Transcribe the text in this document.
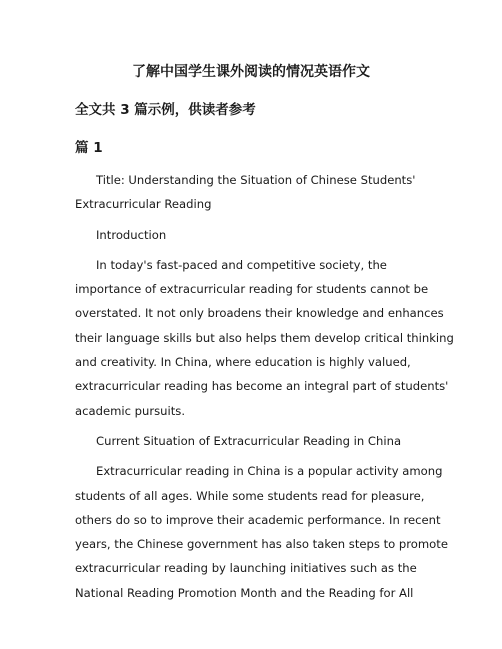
了解中国学生课外阅读的情况英语作文
全文共 3 篇示例，供读者参考
篇 1
Title: Understanding the Situation of Chinese Students'
Extracurricular Reading
Introduction
In today's fast-paced and competitive society, the
importance of extracurricular reading for students cannot be
overstated. It not only broadens their knowledge and enhances
their language skills but also helps them develop critical thinking
and creativity. In China, where education is highly valued,
extracurricular reading has become an integral part of students'
academic pursuits.
Current Situation of Extracurricular Reading in China
Extracurricular reading in China is a popular activity among
students of all ages. While some students read for pleasure,
others do so to improve their academic performance. In recent
years, the Chinese government has also taken steps to promote
extracurricular reading by launching initiatives such as the
National Reading Promotion Month and the Reading for All
